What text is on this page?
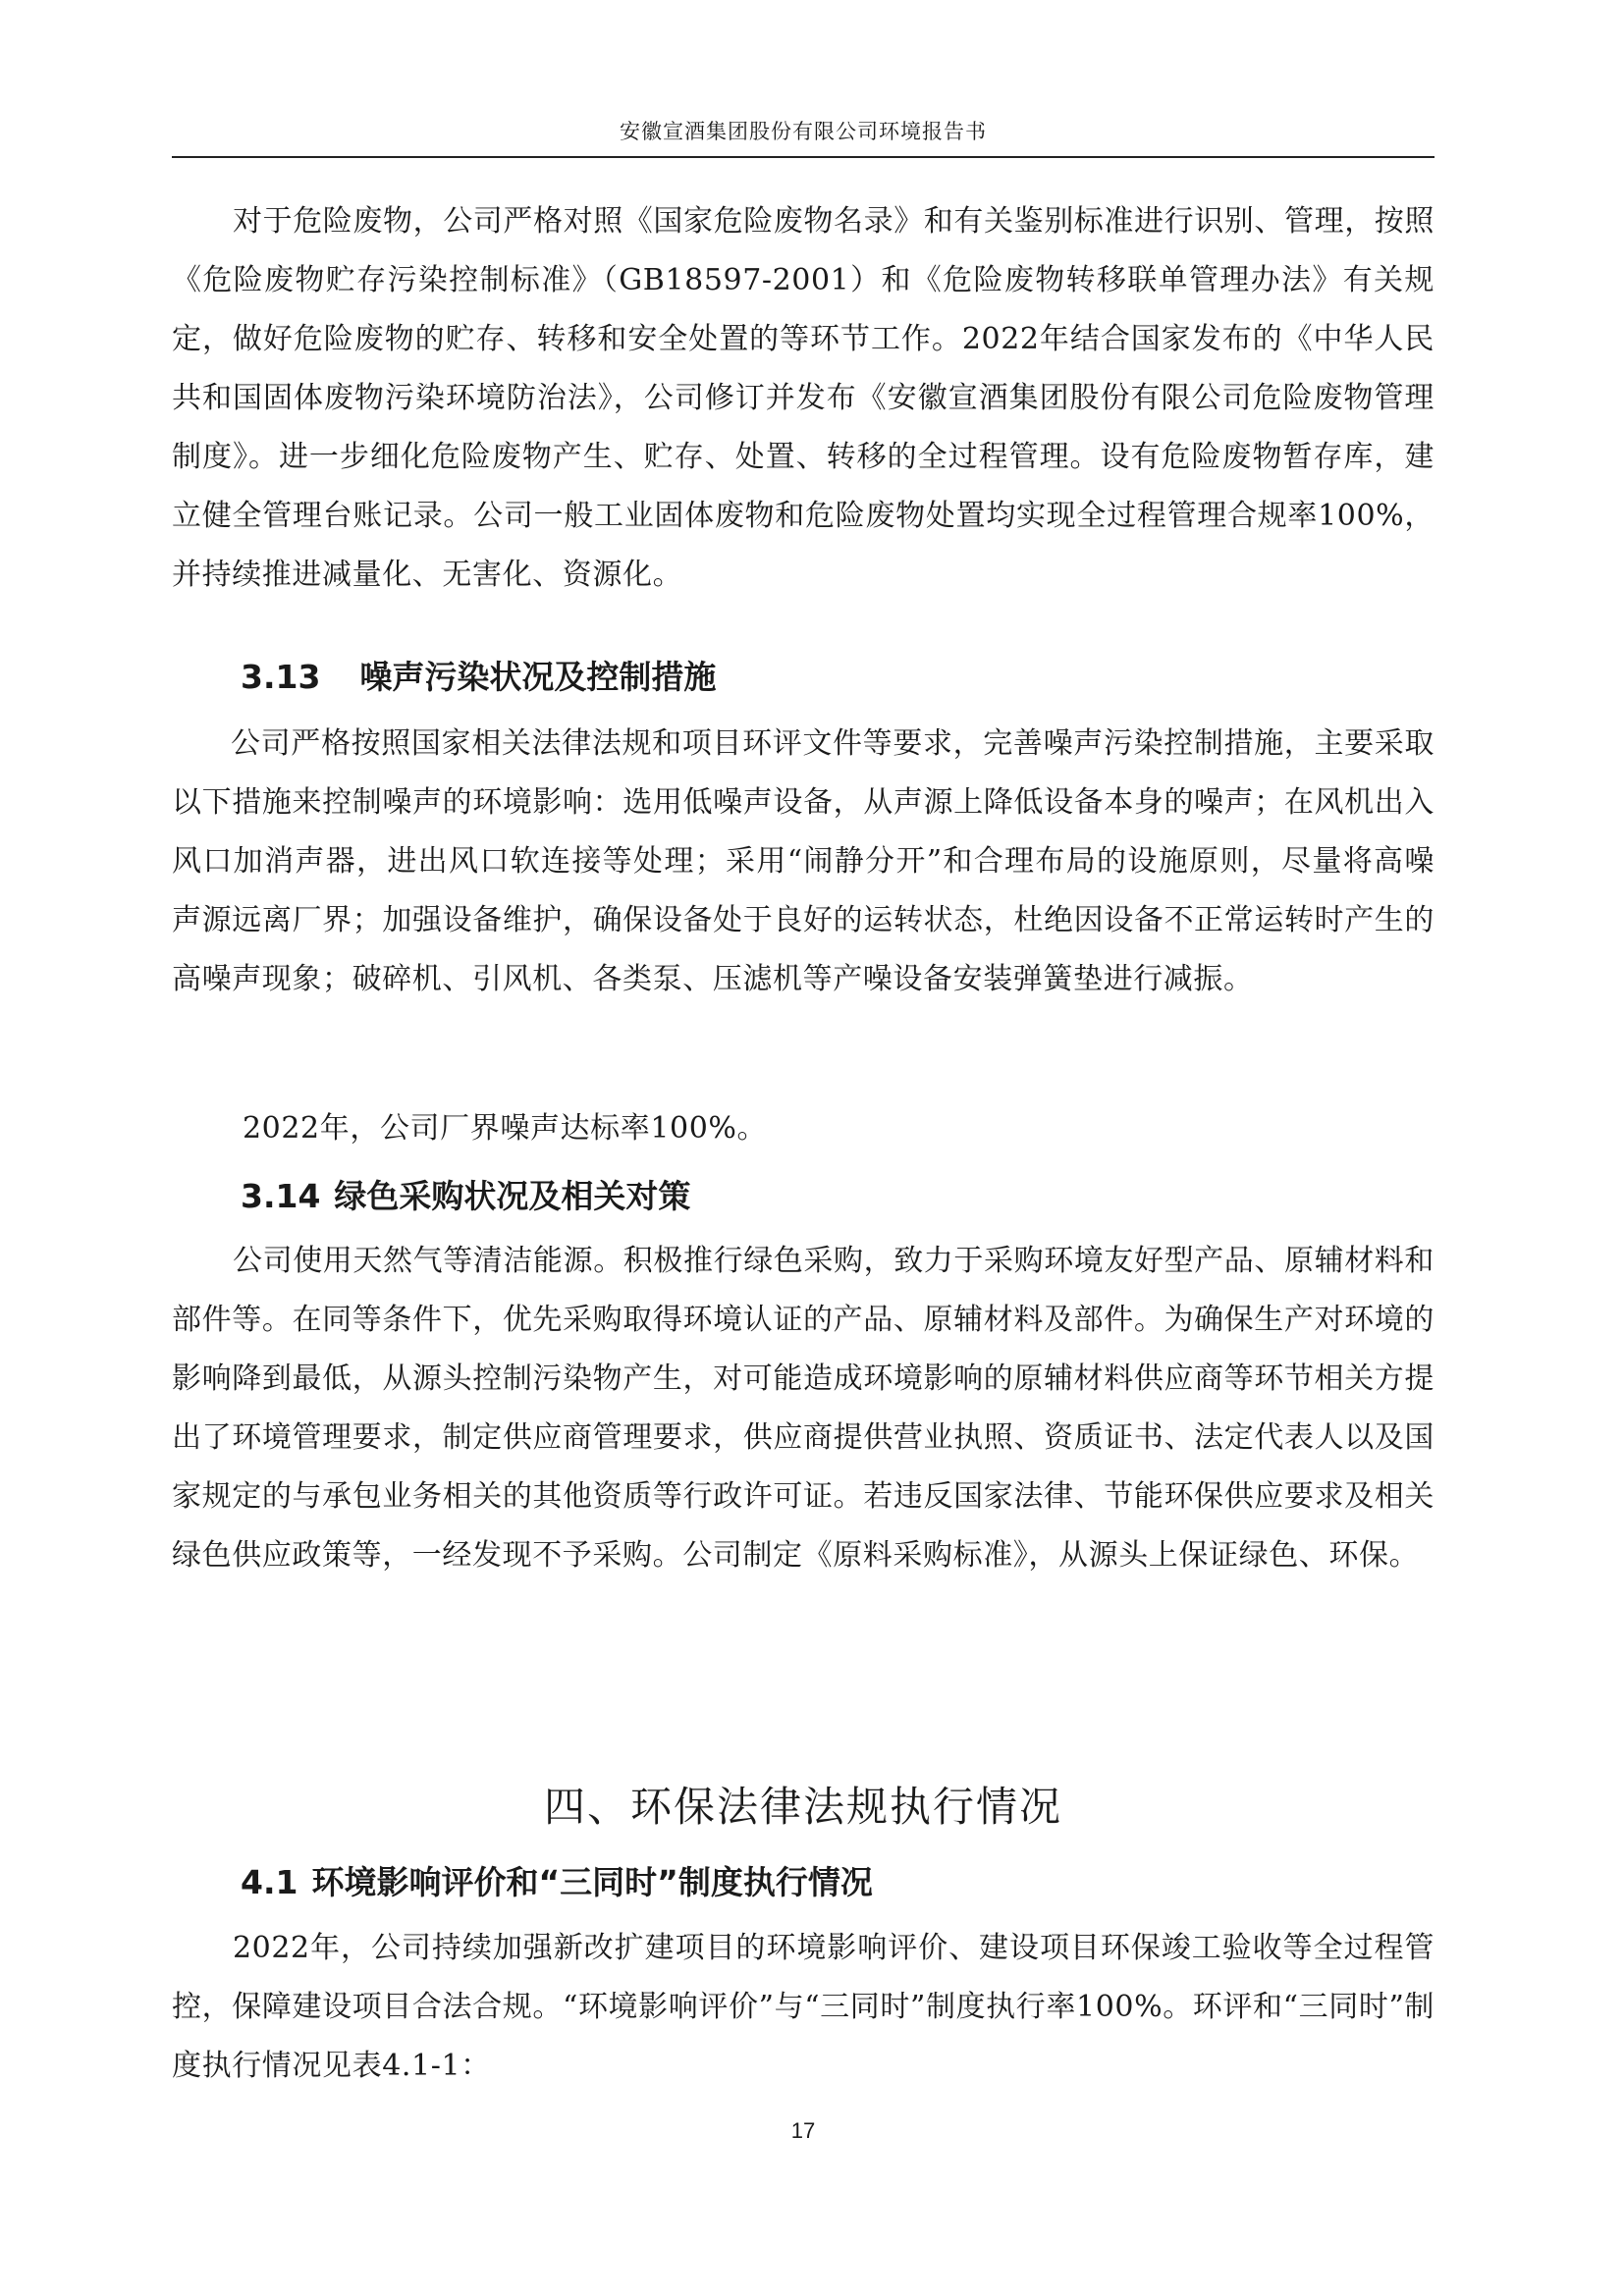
安徽宣酒集团股份有限公司环境报告书

对于危险废物，公司严格对照《国家危险废物名录》和有关鉴别标准进行识别、管理，按照《危险废物贮存污染控制标准》（GB18597-2001）和《危险废物转移联单管理办法》有关规定，做好危险废物的贮存、转移和安全处置的等环节工作。2022年结合国家发布的《中华人民共和国固体废物污染环境防治法》，公司修订并发布《安徽宣酒集团股份有限公司危险废物管理制度》。进一步细化危险废物产生、贮存、处置、转移的全过程管理。设有危险废物暂存库，建立健全管理台账记录。公司一般工业固体废物和危险废物处置均实现全过程管理合规率100%，并持续推进减量化、无害化、资源化。

3.13 噪声污染状况及控制措施

公司严格按照国家相关法律法规和项目环评文件等要求，完善噪声污染控制措施，主要采取以下措施来控制噪声的环境影响：选用低噪声设备，从声源上降低设备本身的噪声；在风机出入风口加消声器，进出风口软连接等处理；采用“闹静分开”和合理布局的设施原则，尽量将高噪声源远离厂界；加强设备维护，确保设备处于良好的运转状态，杜绝因设备不正常运转时产生的高噪声现象；破碎机、引风机、各类泵、压滤机等产噪设备安装弹簧垫进行减振。

2022年，公司厂界噪声达标率100%。

3.14 绿色采购状况及相关对策

公司使用天然气等清洁能源。积极推行绿色采购，致力于采购环境友好型产品、原辅材料和部件等。在同等条件下，优先采购取得环境认证的产品、原辅材料及部件。为确保生产对环境的影响降到最低，从源头控制污染物产生，对可能造成环境影响的原辅材料供应商等环节相关方提出了环境管理要求，制定供应商管理要求，供应商提供营业执照、资质证书、法定代表人以及国家规定的与承包业务相关的其他资质等行政许可证。若违反国家法律、节能环保供应要求及相关绿色供应政策等，一经发现不予采购。公司制定《原料采购标准》，从源头上保证绿色、环保。

四、环保法律法规执行情况
4.1 环境影响评价和“三同时”制度执行情况

2022年，公司持续加强新改扩建项目的环境影响评价、建设项目环保竣工验收等全过程管控，保障建设项目合法合规。“环境影响评价”与“三同时”制度执行率100%。环评和“三同时”制度执行情况见表4.1-1：

17
